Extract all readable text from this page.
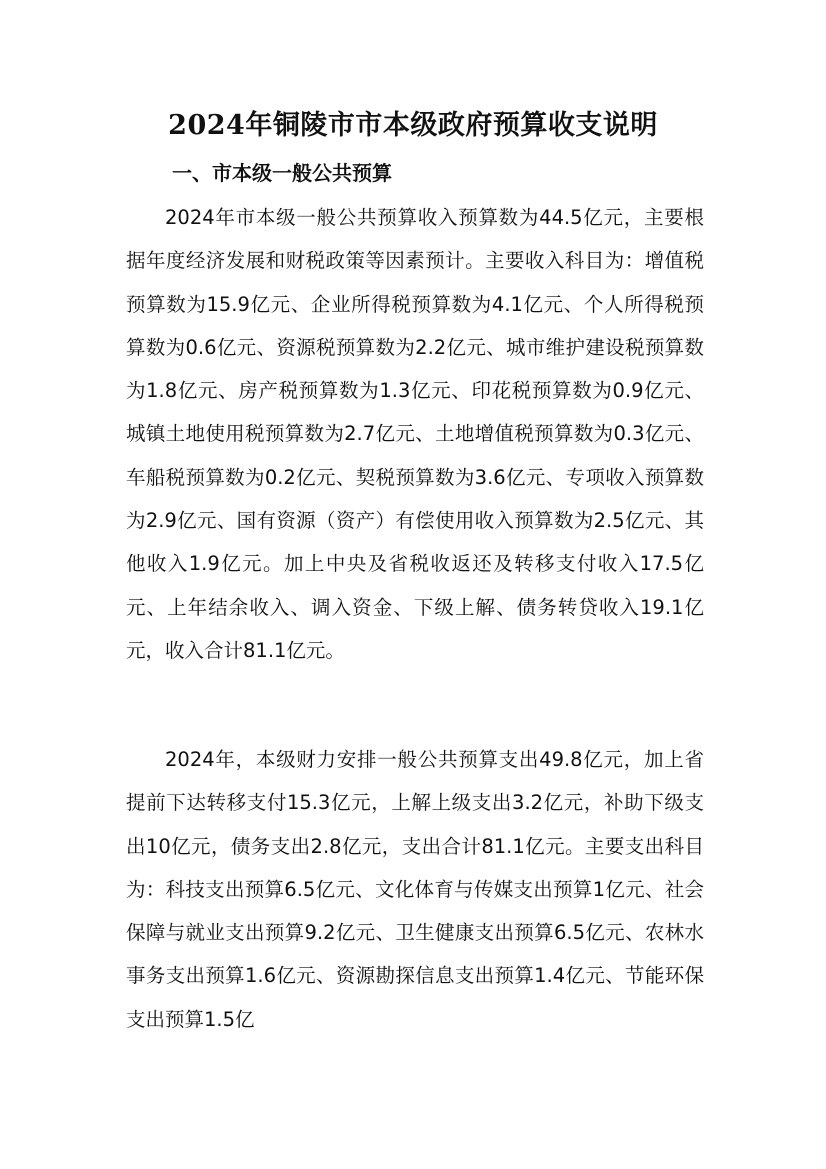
2024年铜陵市市本级政府预算收支说明
一、市本级一般公共预算

2024年市本级一般公共预算收入预算数为44.5亿元，主要根据年度经济发展和财税政策等因素预计。主要收入科目为：增值税预算数为15.9亿元、企业所得税预算数为4.1亿元、个人所得税预算数为0.6亿元、资源税预算数为2.2亿元、城市维护建设税预算数为1.8亿元、房产税预算数为1.3亿元、印花税预算数为0.9亿元、城镇土地使用税预算数为2.7亿元、土地增值税预算数为0.3亿元、车船税预算数为0.2亿元、契税预算数为3.6亿元、专项收入预算数为2.9亿元、国有资源（资产）有偿使用收入预算数为2.5亿元、其他收入1.9亿元。加上中央及省税收返还及转移支付收入17.5亿元、上年结余收入、调入资金、下级上解、债务转贷收入19.1亿元，收入合计81.1亿元。

2024年，本级财力安排一般公共预算支出49.8亿元，加上省提前下达转移支付15.3亿元，上解上级支出3.2亿元，补助下级支出10亿元，债务支出2.8亿元，支出合计81.1亿元。主要支出科目为：科技支出预算6.5亿元、文化体育与传媒支出预算1亿元、社会保障与就业支出预算9.2亿元、卫生健康支出预算6.5亿元、农林水事务支出预算1.6亿元、资源勘探信息支出预算1.4亿元、节能环保支出预算1.5亿
